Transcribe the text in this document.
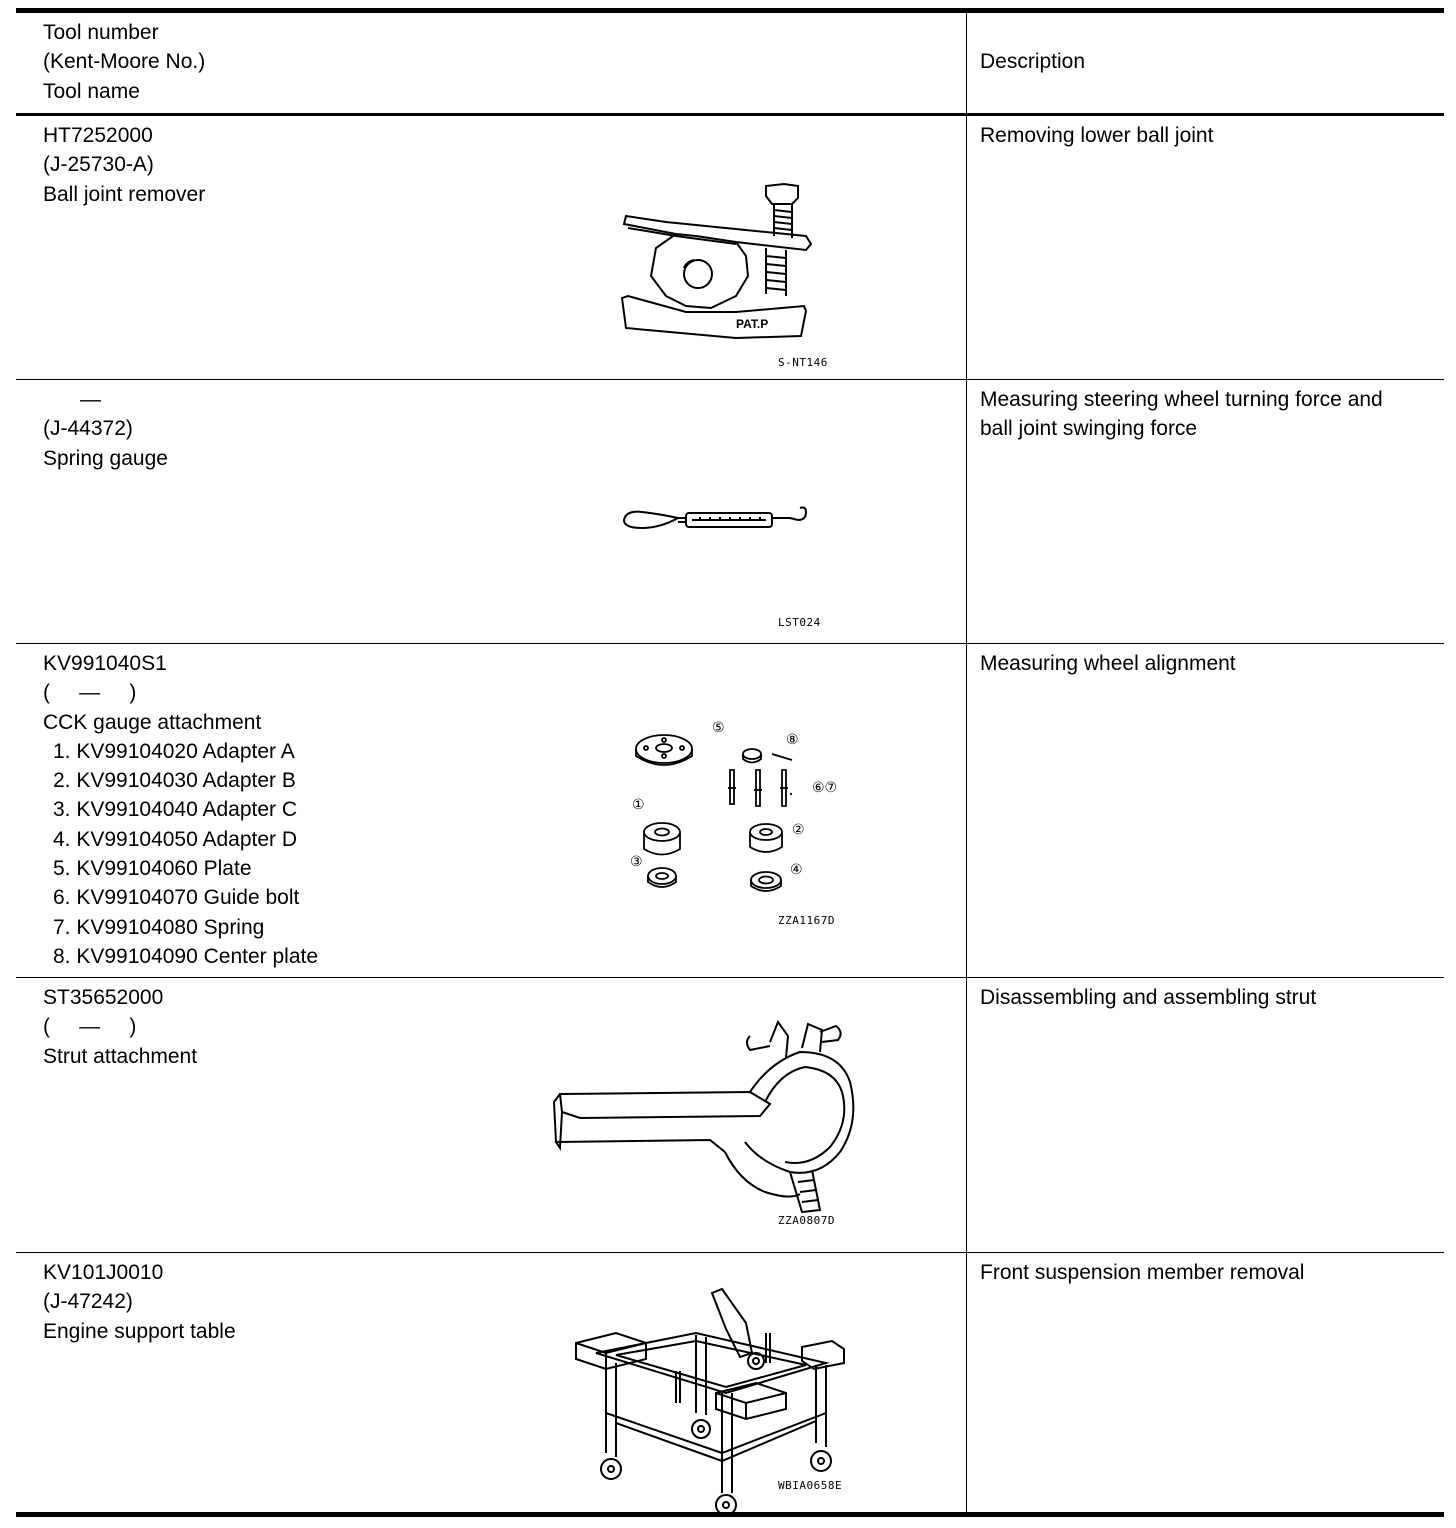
Tool number
(Kent-Moore No.)
Tool name
Description
HT7252000
(J-25730-A)
Ball joint remover
Removing lower ball joint
PAT.P
S-NT146
—
(J-44372)
Spring gauge
Measuring steering wheel turning force and ball joint swinging force
LST024
KV991040S1
(     —     )
CCK gauge attachment
1. KV99104020 Adapter A
2. KV99104030 Adapter B
3. KV99104040 Adapter C
4. KV99104050 Adapter D
5. KV99104060 Plate
6. KV99104070 Guide bolt
7. KV99104080 Spring
8. KV99104090 Center plate
Measuring wheel alignment
⑤
⑧
⑥⑦
①
②
③	④
ZZA1167D
ST35652000
(     —     )
Strut attachment
Disassembling and assembling strut
ZZA0807D
KV101J0010
(J-47242)
Engine support table
Front suspension member removal
WBIA0658E
